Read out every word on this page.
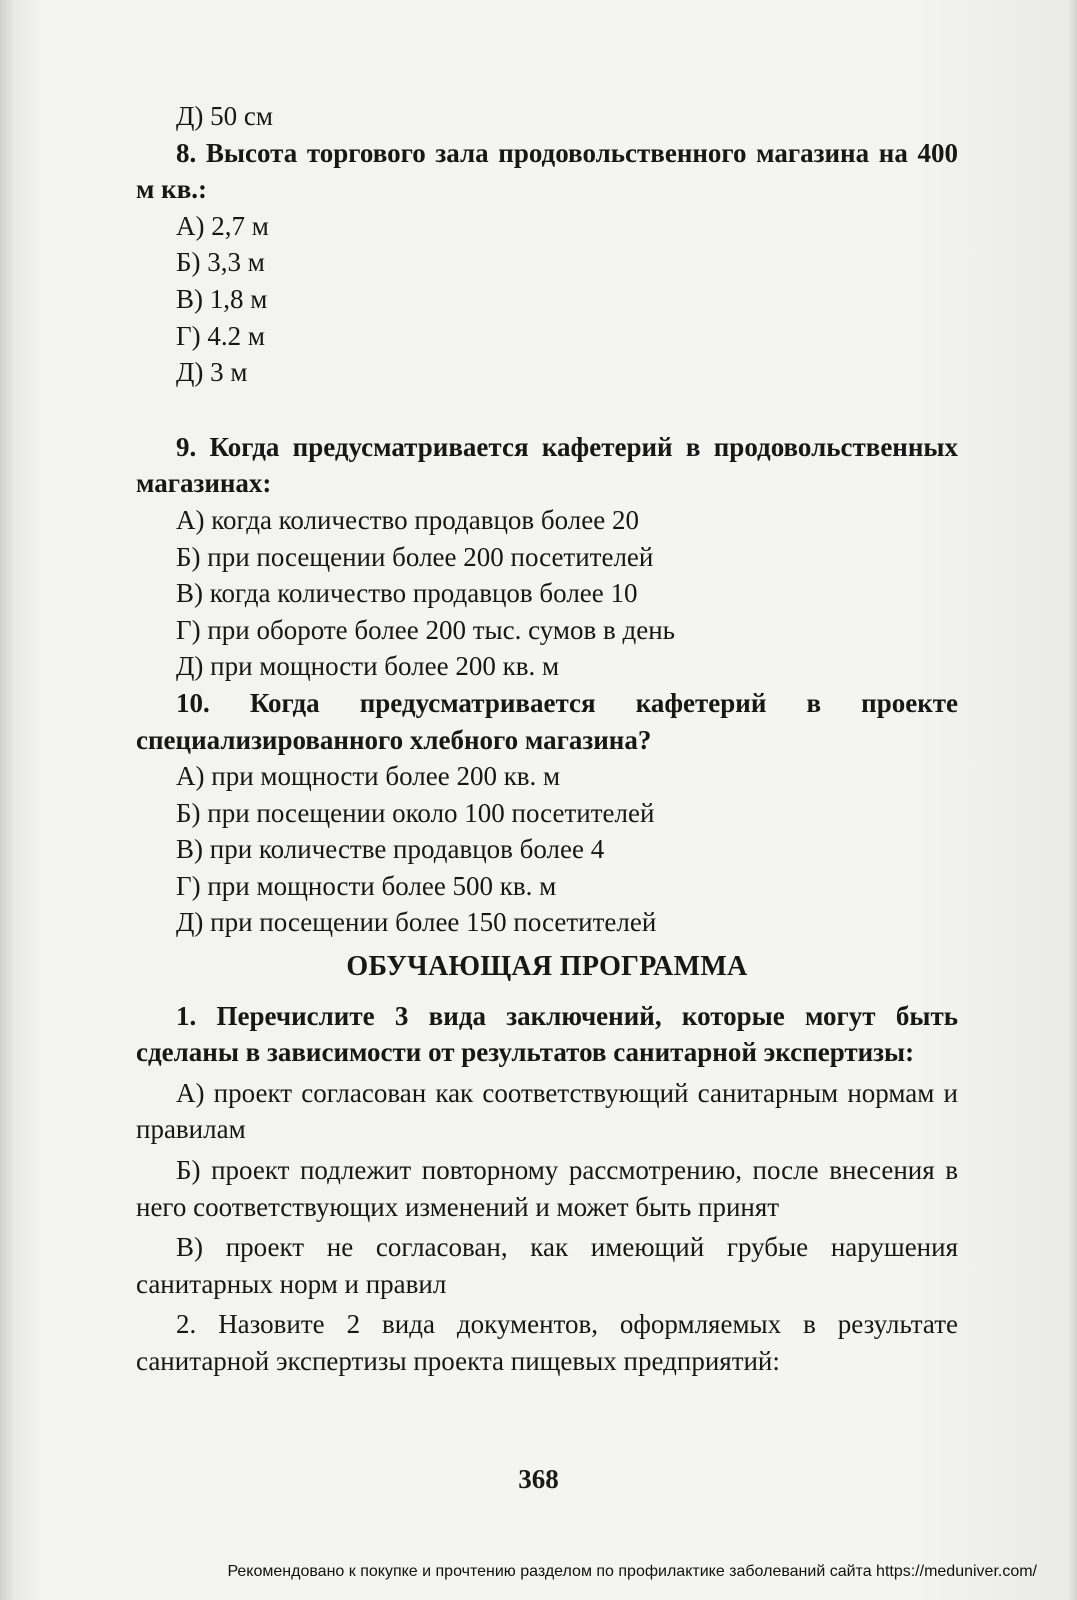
Д) 50 см

8. Высота торгового зала продовольственного магазина на 400 м кв.:

А) 2,7 м

Б) 3,3 м

В) 1,8 м

Г) 4.2 м

Д) 3 м

9. Когда предусматривается кафетерий в продовольственных магазинах:

А) когда количество продавцов более 20

Б) при посещении более 200 посетителей

В) когда количество продавцов более 10

Г) при обороте более 200 тыс. сумов в день

Д) при мощности более 200 кв. м

10. Когда предусматривается кафетерий в проекте специализированного хлебного магазина?

А) при мощности более 200 кв. м

Б) при посещении около 100 посетителей

В) при количестве продавцов более 4

Г) при мощности более 500 кв. м

Д) при посещении более 150 посетителей

ОБУЧАЮЩАЯ ПРОГРАММА

1. Перечислите 3 вида заключений, которые могут быть сделаны в зависимости от результатов санитарной экспертизы:

А) проект согласован как соответствующий санитарным нормам и правилам

Б) проект подлежит повторному рассмотрению, после внесения в него соответствующих изменений и может быть принят

В) проект не согласован, как имеющий грубые нарушения санитарных норм и правил

2. Назовите 2 вида документов, оформляемых в результате санитарной экспертизы проекта пищевых предприятий:

368
Рекомендовано к покупке и прочтению разделом по профилактике заболеваний сайта https://meduniver.com/
